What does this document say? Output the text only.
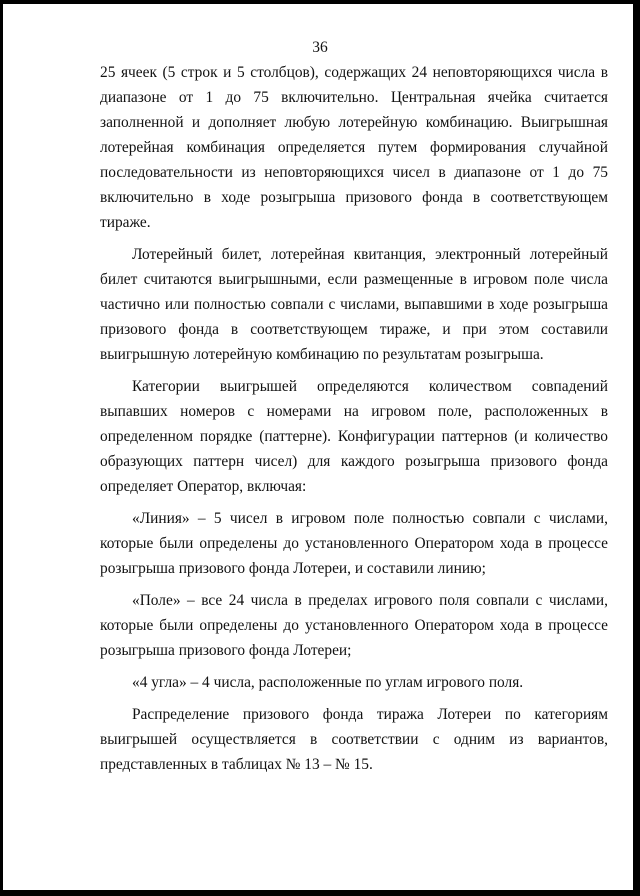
36

25 ячеек (5 строк и 5 столбцов), содержащих 24 неповторяющихся числа в диапазоне от 1 до 75 включительно. Центральная ячейка считается заполненной и дополняет любую лотерейную комбинацию. Выигрышная лотерейная комбинация определяется путем формирования случайной последовательности из неповторяющихся чисел в диапазоне от 1 до 75 включительно в ходе розыгрыша призового фонда в соответствующем тираже.

Лотерейный билет, лотерейная квитанция, электронный лотерейный билет считаются выигрышными, если размещенные в игровом поле числа частично или полностью совпали с числами, выпавшими в ходе розыгрыша призового фонда в соответствующем тираже, и при этом составили выигрышную лотерейную комбинацию по результатам розыгрыша.

Категории выигрышей определяются количеством совпадений выпавших номеров с номерами на игровом поле, расположенных в определенном порядке (паттерне). Конфигурации паттернов (и количество образующих паттерн чисел) для каждого розыгрыша призового фонда определяет Оператор, включая:

«Линия» – 5 чисел в игровом поле полностью совпали с числами, которые были определены до установленного Оператором хода в процессе розыгрыша призового фонда Лотереи, и составили линию;

«Поле» – все 24 числа в пределах игрового поля совпали с числами, которые были определены до установленного Оператором хода в процессе розыгрыша призового фонда Лотереи;

«4 угла» – 4 числа, расположенные по углам игрового поля.

Распределение призового фонда тиража Лотереи по категориям выигрышей осуществляется в соответствии с одним из вариантов, представленных в таблицах № 13 – № 15.
